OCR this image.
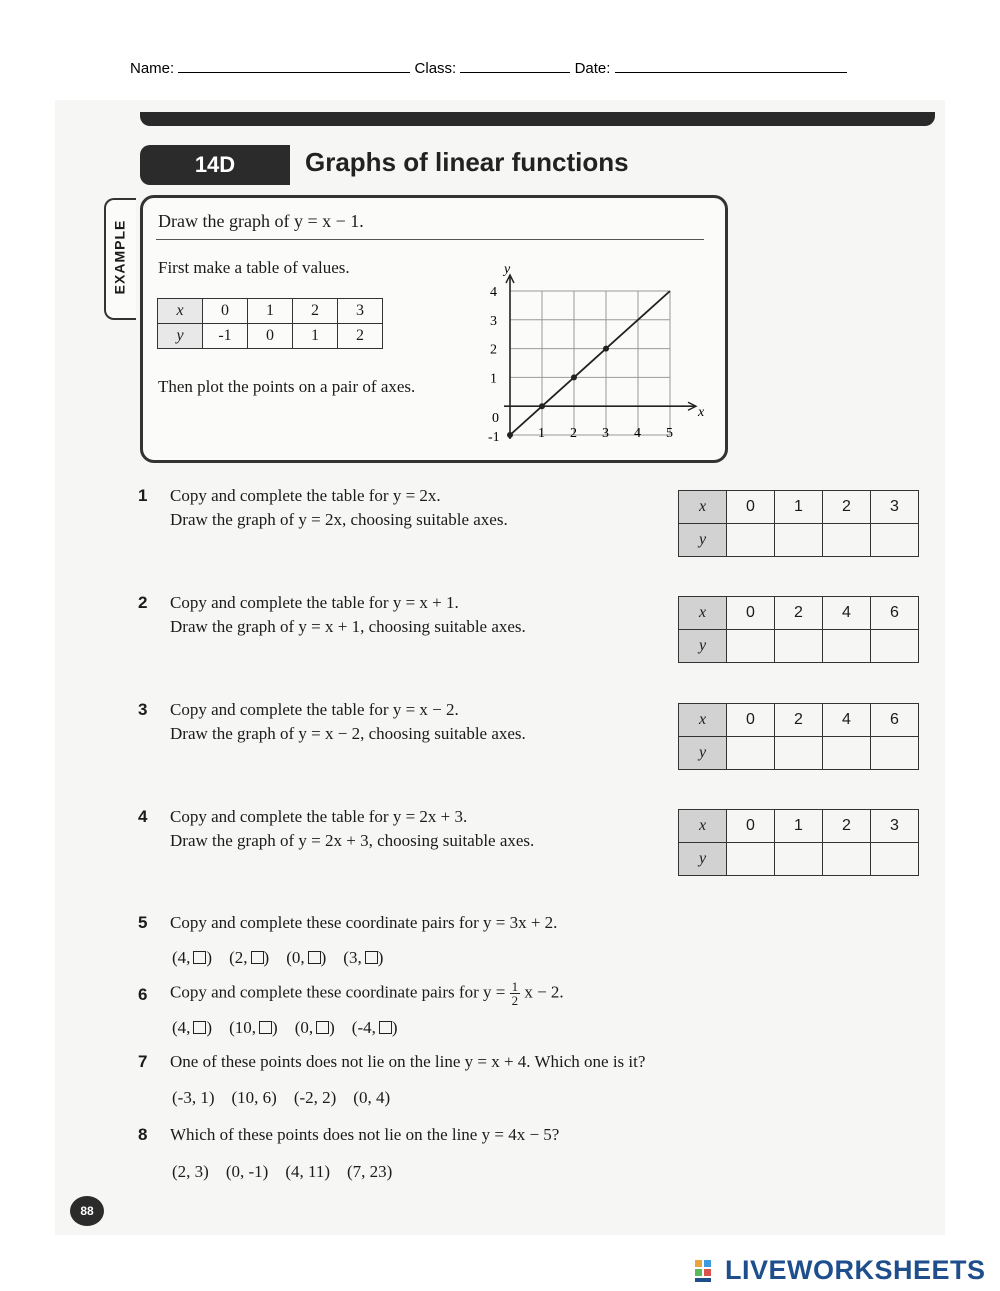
Name:	Class:	Date:
14D	Graphs of linear functions
EXAMPLE Draw the graph of y = x − 1.
First make a table of values.
x	0	1	2	3
y	-1	0	1	2
Then plot the points on a pair of axes.
x
y
1 2 3 4 5
1
2
3
4
0
-1
1 Copy and complete the table for y = 2x.
Draw the graph of y = 2x, choosing suitable axes.
x	0	1	2	3
y				
2 Copy and complete the table for y = x + 1.
Draw the graph of y = x + 1, choosing suitable axes.
x	0	2	4	6
y				
3 Copy and complete the table for y = x − 2.
Draw the graph of y = x − 2, choosing suitable axes.
x	0	2	4	6
y				
4 Copy and complete the table for y = 2x + 3.
Draw the graph of y = 2x + 3, choosing suitable axes.
x	0	1	2	3
y				
5 Copy and complete these coordinate pairs for y = 3x + 2.
(4, ) (2, ) (0, ) (3, )
6 Copy and complete these coordinate pairs for $y = \frac{1}{2}$ x − 2.
(4, ) (10, ) (0, ) (-4, )
7 One of these points does not lie on the line y = x + 4. Which one is it?
(-3, 1) (10, 6) (-2, 2) (0, 4)
8 Which of these points does not lie on the line y = 4x − 5?
(2, 3) (0, -1) (4, 11) (7, 23)
88
LIVEWORKSHEETS
